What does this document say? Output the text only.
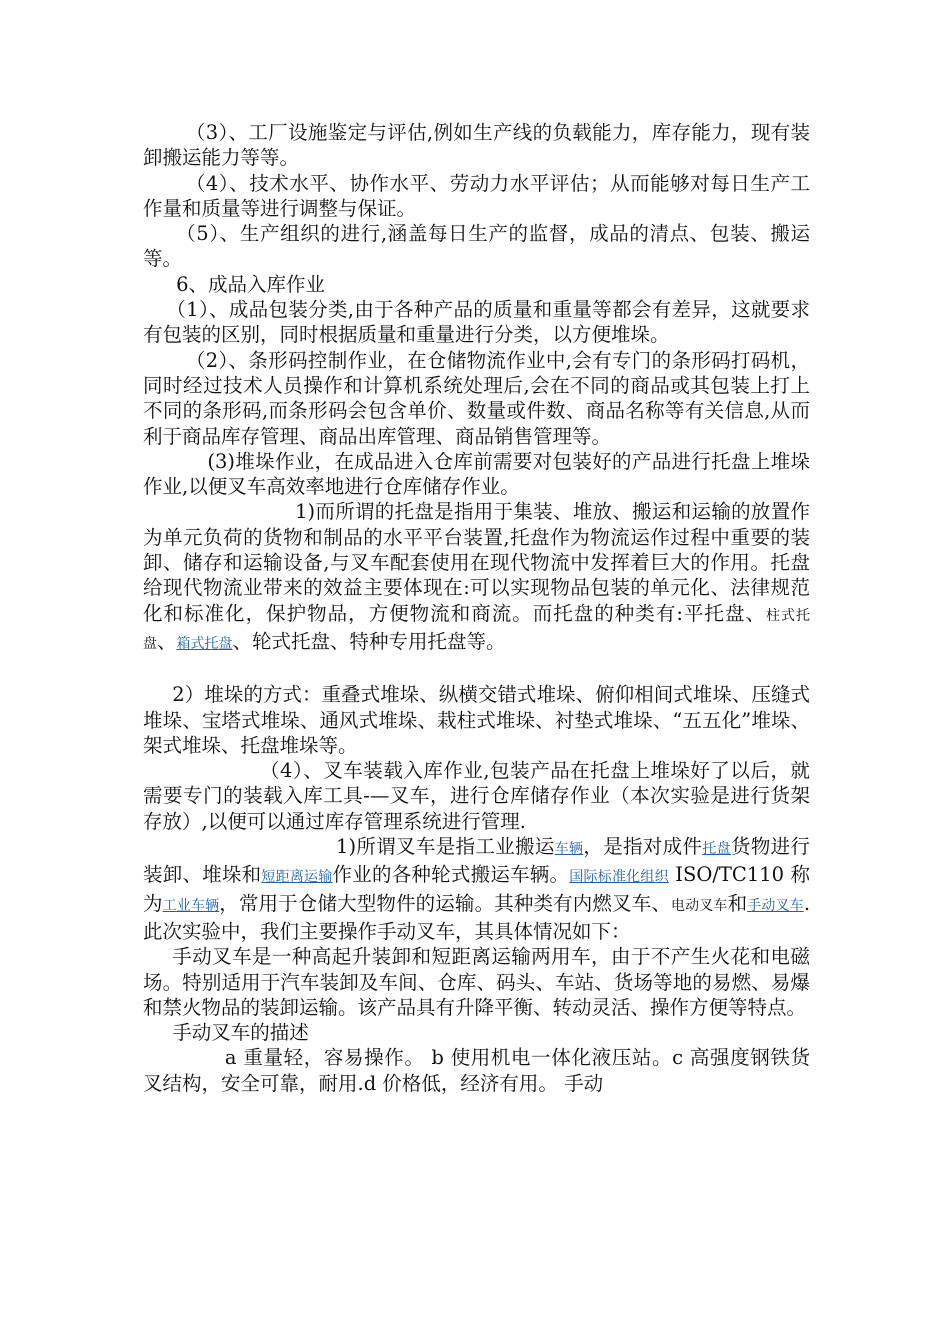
（3）、工厂设施鉴定与评估,例如生产线的负载能力，库存能力，现有装卸搬运能力等等。

（4）、技术水平、协作水平、劳动力水平评估；从而能够对每日生产工作量和质量等进行调整与保证。

（5）、生产组织的进行,涵盖每日生产的监督，成品的清点、包装、搬运等。

6、成品入库作业

（1）、成品包装分类,由于各种产品的质量和重量等都会有差异，这就要求有包装的区别，同时根据质量和重量进行分类，以方便堆垛。

（2）、条形码控制作业，在仓储物流作业中,会有专门的条形码打码机，同时经过技术人员操作和计算机系统处理后,会在不同的商品或其包装上打上不同的条形码,而条形码会包含单价、数量或件数、商品名称等有关信息,从而利于商品库存管理、商品出库管理、商品销售管理等。

(3)堆垛作业，在成品进入仓库前需要对包装好的产品进行托盘上堆垛作业,以便叉车高效率地进行仓库储存作业。

1)而所谓的托盘是指用于集装、堆放、搬运和运输的放置作为单元负荷的货物和制品的水平平台装置,托盘作为物流运作过程中重要的装卸、储存和运输设备,与叉车配套使用在现代物流中发挥着巨大的作用。托盘给现代物流业带来的效益主要体现在:可以实现物品包装的单元化、法律规范化和标准化，保护物品，方便物流和商流。而托盘的种类有:平托盘、柱式托盘、箱式托盘、轮式托盘、特种专用托盘等。

2）堆垛的方式：重叠式堆垛、纵横交错式堆垛、俯仰相间式堆垛、压缝式堆垛、宝塔式堆垛、通风式堆垛、栽柱式堆垛、衬垫式堆垛、“五五化”堆垛、架式堆垛、托盘堆垛等。

（4）、叉车装载入库作业,包装产品在托盘上堆垛好了以后，就需要专门的装载入库工具-—叉车，进行仓库储存作业（本次实验是进行货架存放）,以便可以通过库存管理系统进行管理.

1)所谓叉车是指工业搬运车辆，是指对成件托盘货物进行装卸、堆垛和短距离运输作业的各种轮式搬运车辆。国际标准化组织 ISO/TC110 称为工业车辆，常用于仓储大型物件的运输。其种类有内燃叉车、电动叉车和手动叉车.此次实验中，我们主要操作手动叉车，其具体情况如下：

手动叉车是一种高起升装卸和短距离运输两用车，由于不产生火花和电磁场。特别适用于汽车装卸及车间、仓库、码头、车站、货场等地的易燃、易爆和禁火物品的装卸运输。该产品具有升降平衡、转动灵活、操作方便等特点。

手动叉车的描述

a 重量轻，容易操作。 b 使用机电一体化液压站。c 高强度钢铁货叉结构，安全可靠，耐用.d 价格低，经济有用。 手动
